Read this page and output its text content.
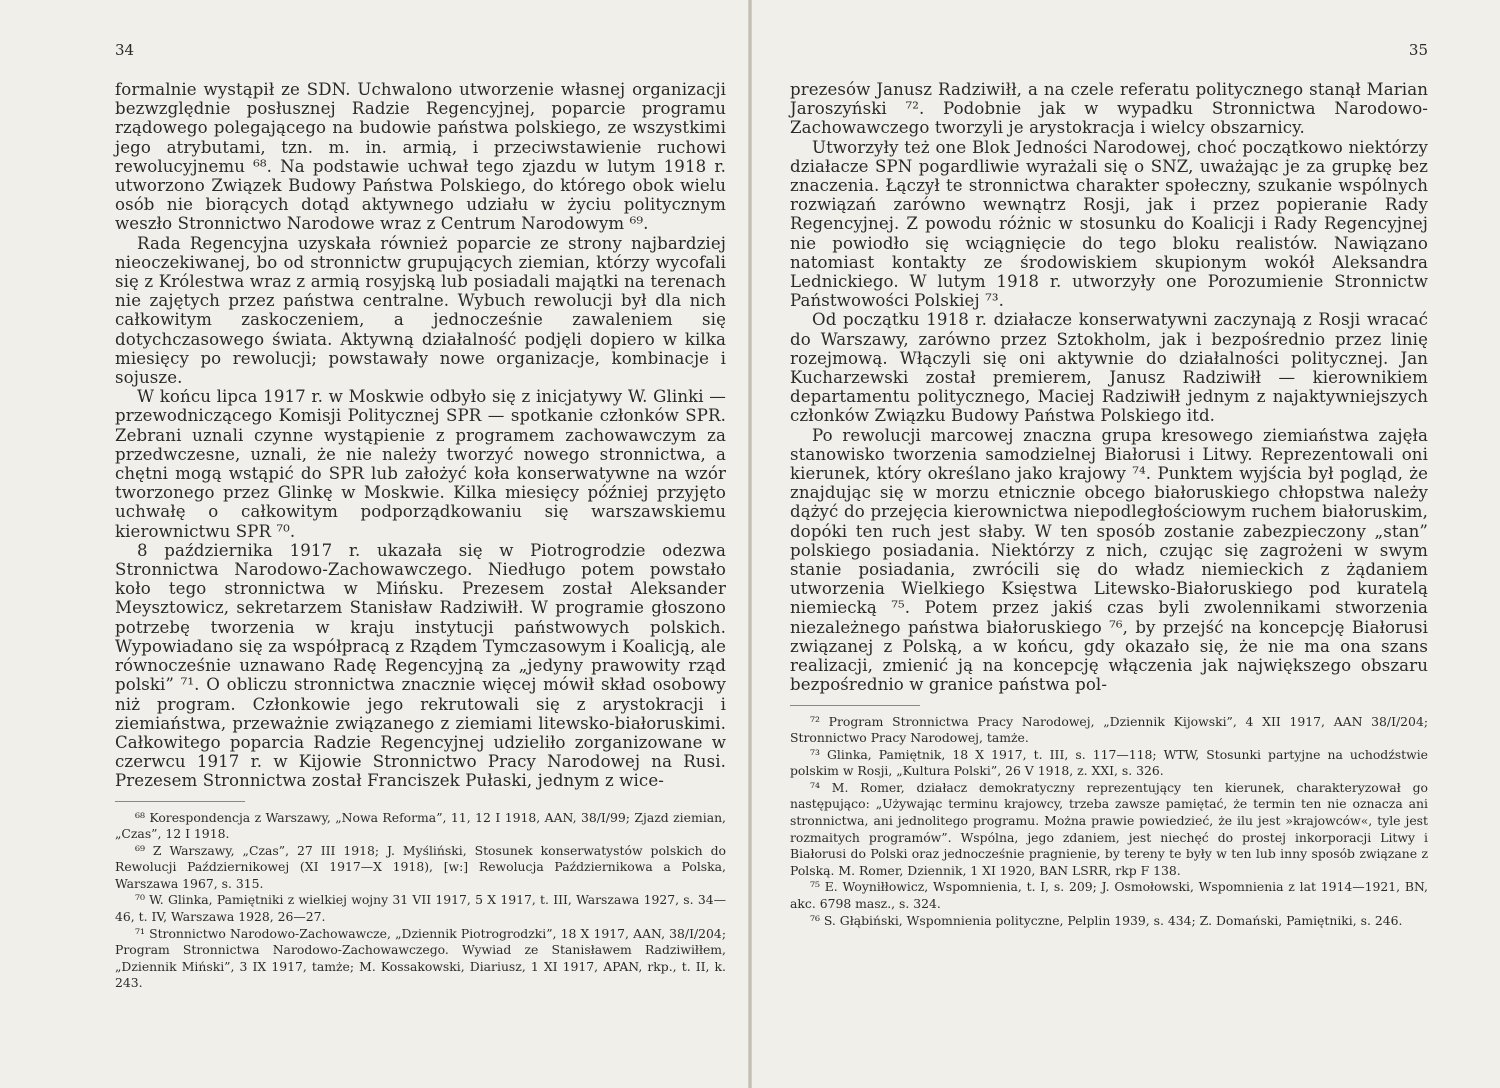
34

formalnie wystąpił ze SDN. Uchwalono utworzenie własnej organizacji bezwzględnie posłusznej Radzie Regencyjnej, poparcie programu rządowego polegającego na budowie państwa polskiego, ze wszystkimi jego atrybutami, tzn. m. in. armią, i przeciwstawienie ruchowi rewolucyjnemu ⁶⁸. Na podstawie uchwał tego zjazdu w lutym 1918 r. utworzono Związek Budowy Państwa Polskiego, do którego obok wielu osób nie biorących dotąd aktywnego udziału w życiu politycznym weszło Stronnictwo Narodowe wraz z Centrum Narodowym ⁶⁹.

Rada Regencyjna uzyskała również poparcie ze strony najbardziej nieoczekiwanej, bo od stronnictw grupujących ziemian, którzy wycofali się z Królestwa wraz z armią rosyjską lub posiadali majątki na terenach nie zajętych przez państwa centralne. Wybuch rewolucji był dla nich całkowitym zaskoczeniem, a jednocześnie zawaleniem się dotychczasowego świata. Aktywną działalność podjęli dopiero w kilka miesięcy po rewolucji; powstawały nowe organizacje, kombinacje i sojusze.

W końcu lipca 1917 r. w Moskwie odbyło się z inicjatywy W. Glinki — przewodniczącego Komisji Politycznej SPR — spotkanie członków SPR. Zebrani uznali czynne wystąpienie z programem zachowawczym za przedwczesne, uznali, że nie należy tworzyć nowego stronnictwa, a chętni mogą wstąpić do SPR lub założyć koła konserwatywne na wzór tworzonego przez Glinkę w Moskwie. Kilka miesięcy później przyjęto uchwałę o całkowitym podporządkowaniu się warszawskiemu kierownictwu SPR ⁷⁰.

8 października 1917 r. ukazała się w Piotrogrodzie odezwa Stronnictwa Narodowo-Zachowawczego. Niedługo potem powstało koło tego stronnictwa w Mińsku. Prezesem został Aleksander Meysztowicz, sekretarzem Stanisław Radziwiłł. W programie głoszono potrzebę tworzenia w kraju instytucji państwowych polskich. Wypowiadano się za współpracą z Rządem Tymczasowym i Koalicją, ale równocześnie uznawano Radę Regencyjną za „jedyny prawowity rząd polski” ⁷¹. O obliczu stronnictwa znacznie więcej mówił skład osobowy niż program. Członkowie jego rekrutowali się z arystokracji i ziemiaństwa, przeważnie związanego z ziemiami litewsko-białoruskimi. Całkowitego poparcia Radzie Regencyjnej udzieliło zorganizowane w czerwcu 1917 r. w Kijowie Stronnictwo Pracy Narodowej na Rusi. Prezesem Stronnictwa został Franciszek Pułaski, jednym z wice-

⁶⁸ Korespondencja z Warszawy, „Nowa Reforma”, 11, 12 I 1918, AAN, 38/I/99; Zjazd ziemian, „Czas”, 12 I 1918.

⁶⁹ Z Warszawy, „Czas”, 27 III 1918; J. Myśliński, Stosunek konserwatystów polskich do Rewolucji Październikowej (XI 1917—X 1918), [w:] Rewolucja Październikowa a Polska, Warszawa 1967, s. 315.

⁷⁰ W. Glinka, Pamiętniki z wielkiej wojny 31 VII 1917, 5 X 1917, t. III, Warszawa 1927, s. 34—46, t. IV, Warszawa 1928, 26—27.

⁷¹ Stronnictwo Narodowo-Zachowawcze, „Dziennik Piotrogrodzki”, 18 X 1917, AAN, 38/I/204; Program Stronnictwa Narodowo-Zachowawczego. Wywiad ze Stanisławem Radziwiłłem, „Dziennik Miński”, 3 IX 1917, tamże; M. Kossakowski, Diariusz, 1 XI 1917, APAN, rkp., t. II, k. 243.

35

prezesów Janusz Radziwiłł, a na czele referatu politycznego stanął Marian Jaroszyński ⁷². Podobnie jak w wypadku Stronnictwa Narodowo-Zachowawczego tworzyli je arystokracja i wielcy obszarnicy.

Utworzyły też one Blok Jedności Narodowej, choć początkowo niektórzy działacze SPN pogardliwie wyrażali się o SNZ, uważając je za grupkę bez znaczenia. Łączył te stronnictwa charakter społeczny, szukanie wspólnych rozwiązań zarówno wewnątrz Rosji, jak i przez popieranie Rady Regencyjnej. Z powodu różnic w stosunku do Koalicji i Rady Regencyjnej nie powiodło się wciągnięcie do tego bloku realistów. Nawiązano natomiast kontakty ze środowiskiem skupionym wokół Aleksandra Lednickiego. W lutym 1918 r. utworzyły one Porozumienie Stronnictw Państwowości Polskiej ⁷³.

Od początku 1918 r. działacze konserwatywni zaczynają z Rosji wracać do Warszawy, zarówno przez Sztokholm, jak i bezpośrednio przez linię rozejmową. Włączyli się oni aktywnie do działalności politycznej. Jan Kucharzewski został premierem, Janusz Radziwiłł — kierownikiem departamentu politycznego, Maciej Radziwiłł jednym z najaktywniejszych członków Związku Budowy Państwa Polskiego itd.

Po rewolucji marcowej znaczna grupa kresowego ziemiaństwa zajęła stanowisko tworzenia samodzielnej Białorusi i Litwy. Reprezentowali oni kierunek, który określano jako krajowy ⁷⁴. Punktem wyjścia był pogląd, że znajdując się w morzu etnicznie obcego białoruskiego chłopstwa należy dążyć do przejęcia kierownictwa niepodległościowym ruchem białoruskim, dopóki ten ruch jest słaby. W ten sposób zostanie zabezpieczony „stan” polskiego posiadania. Niektórzy z nich, czując się zagrożeni w swym stanie posiadania, zwrócili się do władz niemieckich z żądaniem utworzenia Wielkiego Księstwa Litewsko-Białoruskiego pod kuratelą niemiecką ⁷⁵. Potem przez jakiś czas byli zwolennikami stworzenia niezależnego państwa białoruskiego ⁷⁶, by przejść na koncepcję Białorusi związanej z Polską, a w końcu, gdy okazało się, że nie ma ona szans realizacji, zmienić ją na koncepcję włączenia jak największego obszaru bezpośrednio w granice państwa pol-

⁷² Program Stronnictwa Pracy Narodowej, „Dziennik Kijowski”, 4 XII 1917, AAN 38/I/204; Stronnictwo Pracy Narodowej, tamże.

⁷³ Glinka, Pamiętnik, 18 X 1917, t. III, s. 117—118; WTW, Stosunki partyjne na uchodźstwie polskim w Rosji, „Kultura Polski”, 26 V 1918, z. XXI, s. 326.

⁷⁴ M. Romer, działacz demokratyczny reprezentujący ten kierunek, charakteryzował go następująco: „Używając terminu krajowcy, trzeba zawsze pamiętać, że termin ten nie oznacza ani stronnictwa, ani jednolitego programu. Można prawie powiedzieć, że ilu jest »krajowców«, tyle jest rozmaitych programów”. Wspólna, jego zdaniem, jest niechęć do prostej inkorporacji Litwy i Białorusi do Polski oraz jednocześnie pragnienie, by tereny te były w ten lub inny sposób związane z Polską. M. Romer, Dziennik, 1 XI 1920, BAN LSRR, rkp F 138.

⁷⁵ E. Woyniłłowicz, Wspomnienia, t. I, s. 209; J. Osmołowski, Wspomnienia z lat 1914—1921, BN, akc. 6798 masz., s. 324.

⁷⁶ S. Głąbiński, Wspomnienia polityczne, Pelplin 1939, s. 434; Z. Domański, Pamiętniki, s. 246.
